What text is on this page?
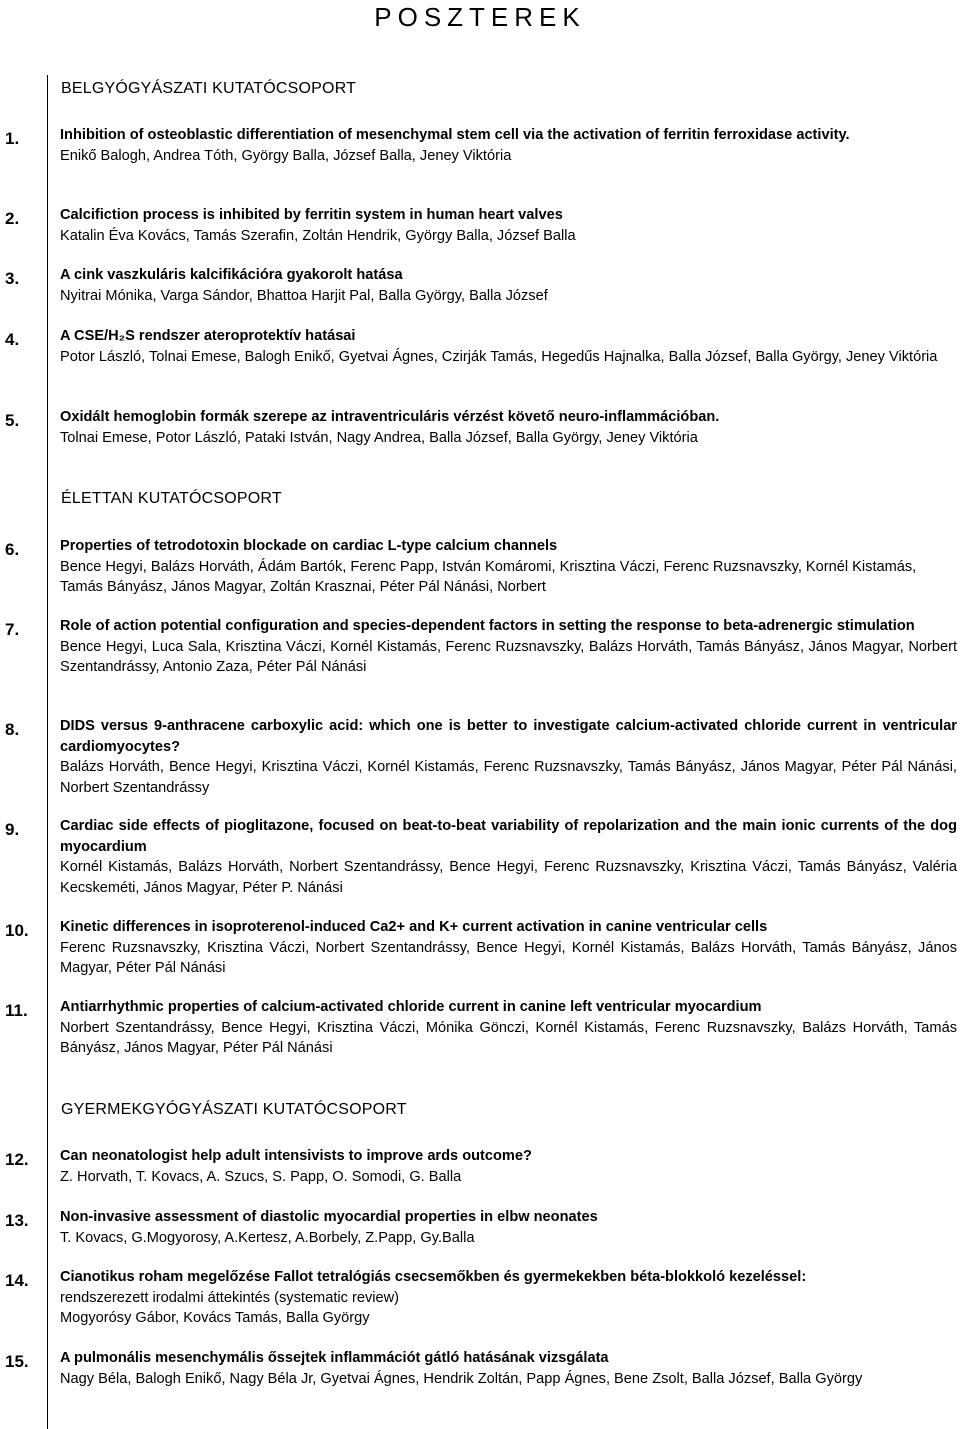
POSZTEREK
BELGYÓGYÁSZATI KUTATÓCSOPORT
1.	Inhibition of osteoblastic differentiation of mesenchymal stem cell via the activation of ferritin ferroxidase activity.
Enikő Balogh, Andrea Tóth, György Balla, József Balla, Jeney Viktória
2.	Calcifiction process is inhibited by ferritin system in human heart valves
Katalin Éva Kovács, Tamás Szerafin, Zoltán Hendrik, György Balla, József Balla
3.	A cink vaszkuláris kalcifikációra gyakorolt hatása
Nyitrai Mónika, Varga Sándor, Bhattoa Harjit Pal, Balla György, Balla József
4.	A CSE/H₂S rendszer ateroprotektív hatásai
Potor László, Tolnai Emese, Balogh Enikő, Gyetvai Ágnes, Czirják Tamás, Hegedűs Hajnalka, Balla József, Balla György, Jeney Viktória
5.	Oxidált hemoglobin formák szerepe az intraventriculáris vérzést követő neuro-inflammációban.
Tolnai Emese, Potor László, Pataki István, Nagy Andrea, Balla József, Balla György, Jeney Viktória
ÉLETTAN KUTATÓCSOPORT
6.	Properties of tetrodotoxin blockade on cardiac L-type calcium channels
Bence Hegyi, Balázs Horváth, Ádám Bartók, Ferenc Papp, István Komáromi, Krisztina Váczi, Ferenc Ruzsnavszky, Kornél Kistamás, Tamás Bányász, János Magyar, Zoltán Krasznai, Péter Pál Nánási, Norbert
7.	Role of action potential configuration and species-dependent factors in setting the response to beta-adrenergic stimulation
Bence Hegyi, Luca Sala, Krisztina Váczi, Kornél Kistamás, Ferenc Ruzsnavszky, Balázs Horváth, Tamás Bányász, János Magyar, Norbert Szentandrássy, Antonio Zaza, Péter Pál Nánási
8.	DIDS versus 9-anthracene carboxylic acid: which one is better to investigate calcium-activated chloride current in ventricular cardiomyocytes?
Balázs Horváth, Bence Hegyi, Krisztina Váczi, Kornél Kistamás, Ferenc Ruzsnavszky, Tamás Bányász, János Magyar, Péter Pál Nánási, Norbert Szentandrássy
9.	Cardiac side effects of pioglitazone, focused on beat-to-beat variability of repolarization and the main ionic currents of the dog myocardium
Kornél Kistamás, Balázs Horváth, Norbert Szentandrássy, Bence Hegyi, Ferenc Ruzsnavszky, Krisztina Váczi, Tamás Bányász, Valéria Kecskeméti, János Magyar, Péter P. Nánási
10. Kinetic differences in isoproterenol-induced Ca2+ and K+ current activation in canine ventricular cells
Ferenc Ruzsnavszky, Krisztina Váczi, Norbert Szentandrássy, Bence Hegyi, Kornél Kistamás, Balázs Horváth, Tamás Bányász, János Magyar, Péter Pál Nánási
11. Antiarrhythmic properties of calcium-activated chloride current in canine left ventricular myocardium
Norbert Szentandrássy, Bence Hegyi, Krisztina Váczi, Mónika Gönczi, Kornél Kistamás, Ferenc Ruzsnavszky, Balázs Horváth, Tamás Bányász, János Magyar, Péter Pál Nánási
GYERMEKGYÓGYÁSZATI KUTATÓCSOPORT
12. Can neonatologist help adult intensivists to improve ards outcome?
Z. Horvath, T. Kovacs, A. Szucs, S. Papp, O. Somodi, G. Balla
13. Non-invasive assessment of diastolic myocardial properties in elbw neonates
T. Kovacs, G.Mogyorosy, A.Kertesz, A.Borbely, Z.Papp, Gy.Balla
14. Cianotikus roham megelőzése Fallot tetralógiás csecsemőkben és gyermekekben béta-blokkoló kezeléssel:
rendszerezett irodalmi áttekintés (systematic review)
Mogyorósy Gábor, Kovács Tamás, Balla György
15. A pulmonális mesenchymális őssejtek inflammációt gátló hatásának vizsgálata
Nagy Béla, Balogh Enikő, Nagy Béla Jr, Gyetvai Ágnes, Hendrik Zoltán, Papp Ágnes, Bene Zsolt, Balla József, Balla György
